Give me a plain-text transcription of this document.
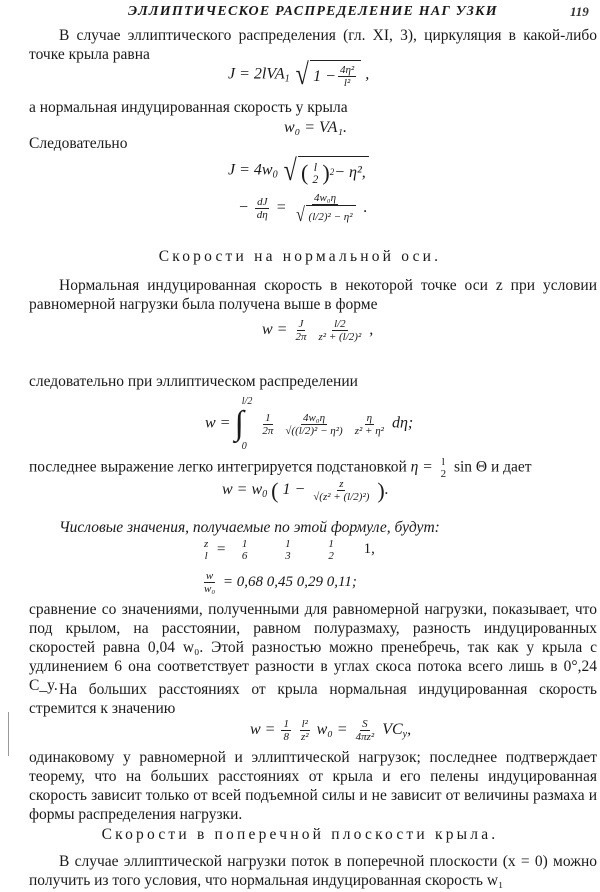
ЭЛЛИПТИЧЕСКОЕ РАСПРЕДЕЛЕНИЕ НАГ УЗКИ	119
В случае эллиптического распределения (гл. XI, 3), циркуляция в какой-либо точке крыла равна
J = 2lVA$_1$ √ $1 - \frac{\text{4η²}}{\text{l²}}$ ,
а нормальная индуцированная скорость у крыла
w₀ = VA₁.
Следовательно
$J = 4w_0$ √ ( l
2 ) 2 − η²,
− $\frac{dJ}{d\eta} = \frac{\text{4w₀η}}{\text{√ ( l / 2 )² − η²}}$ .
Скорости на нормальной оси.
Нормальная индуцированная скорость в некоторой точке оси z при условии равномерной нагрузки была получена выше в форме
$w = \frac{J}{2\pi}$
$\frac{l/2}{\text{z² + (l/2)²}}$ ,
следовательно при эллиптическом распределении
w = ∫
l/2
0

$\frac{1}{2\pi}$
$\frac{\text{4w₀η}}{\text{√((l/2)² − η²)}}$
$\frac{\eta}{\text{z² + η²}} d\eta$;
последнее выражение легко интегрируется подстановкой η = l
2 sin Θ и дает
$w = w_0$ ( $1 - \frac{z}{\text{√(z² + (l/2)²)}}$ ).
Числовые значения, получаемые по этой формуле, будут:
z
l = 1
6

1
3

1
2 1,
$\frac{w}{\text{w₀}} = 0,68$ 0,45 0,29 0,11;
сравнение со значениями, полученными для равномерной нагрузки, показывает, что под крылом, на расстоянии, равном полуразмаху, разность индуцированных скоростей равна 0,04 w₀. Этой разностью можно пренебречь, так как у крыла с удлинением 6 она соответствует разности в углах скоса потока всего лишь в 0°,24 C_y. На больших расстояниях от крыла нормальная индуцированная скорость стремится к значению
$w = \frac{1}{8}$
$\frac{\text{l²}}{\text{z²}} w_0 = \frac{S}{\text{4πz²}} VC_y$,
одинаковому у равномерной и эллиптической нагрузок; последнее подтверждает теорему, что на больших расстояниях от крыла и его пелены индуцированная скорость зависит только от всей подъемной силы и не зависит от величины размаха и формы распределения нагрузки.
Скорости в поперечной плоскости крыла.
В случае эллиптической нагрузки поток в поперечной плоскости (x = 0) можно получить из того условия, что нормальная индуцированная скорость w₁
